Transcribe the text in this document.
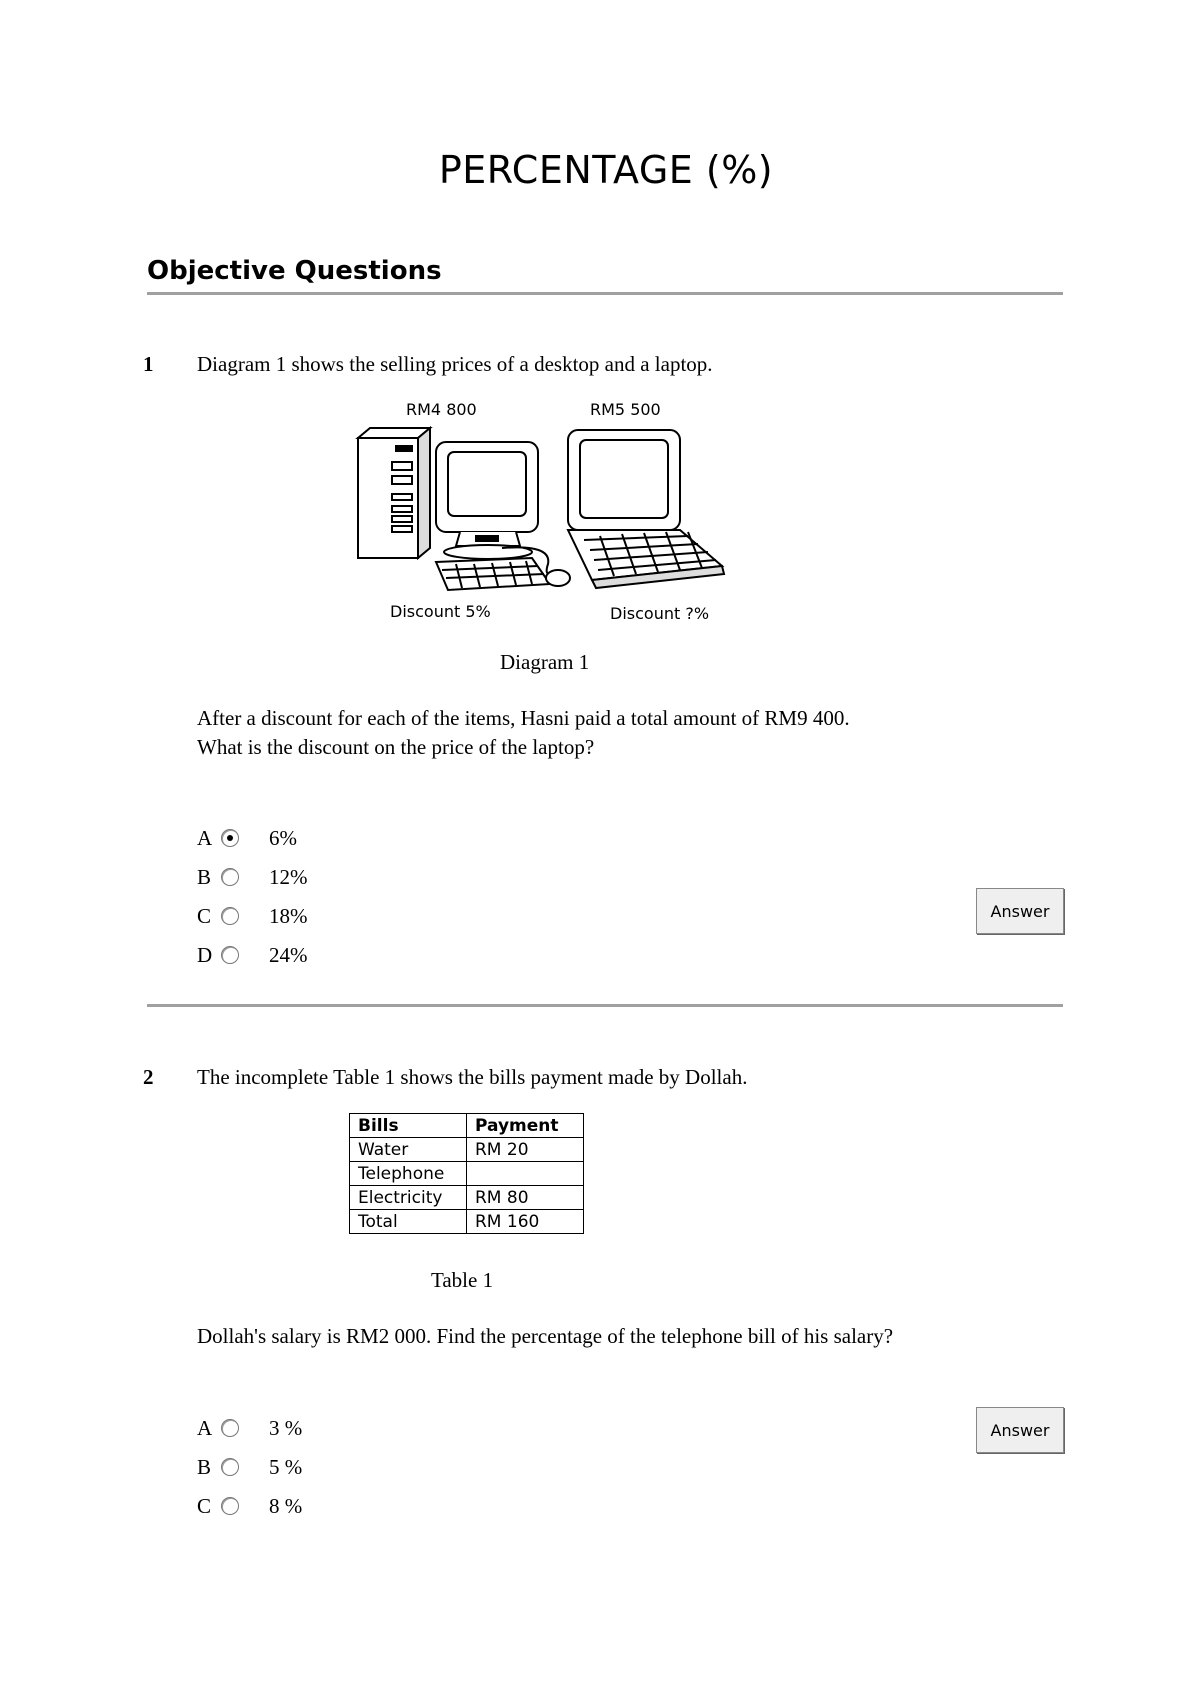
PERCENTAGE (%)
Objective Questions
1 Diagram 1 shows the selling prices of a desktop and a laptop.
RM4 800	RM5 500
Discount 5%	Discount ?%
Diagram 1
After a discount for each of the items, Hasni paid a total amount of RM9 400.
What is the discount on the price of the laptop?
A	6%
B	12%
C	18%
D	24%
Answer
2 The incomplete Table 1 shows the bills payment made by Dollah.
Bills	Payment
Water	RM 20
Telephone	
Electricity	RM 80
Total	RM 160
Table 1
Dollah's salary is RM2 000. Find the percentage of the telephone bill of his salary?
A	3 %
B	5 %
C	8 %
Answer
